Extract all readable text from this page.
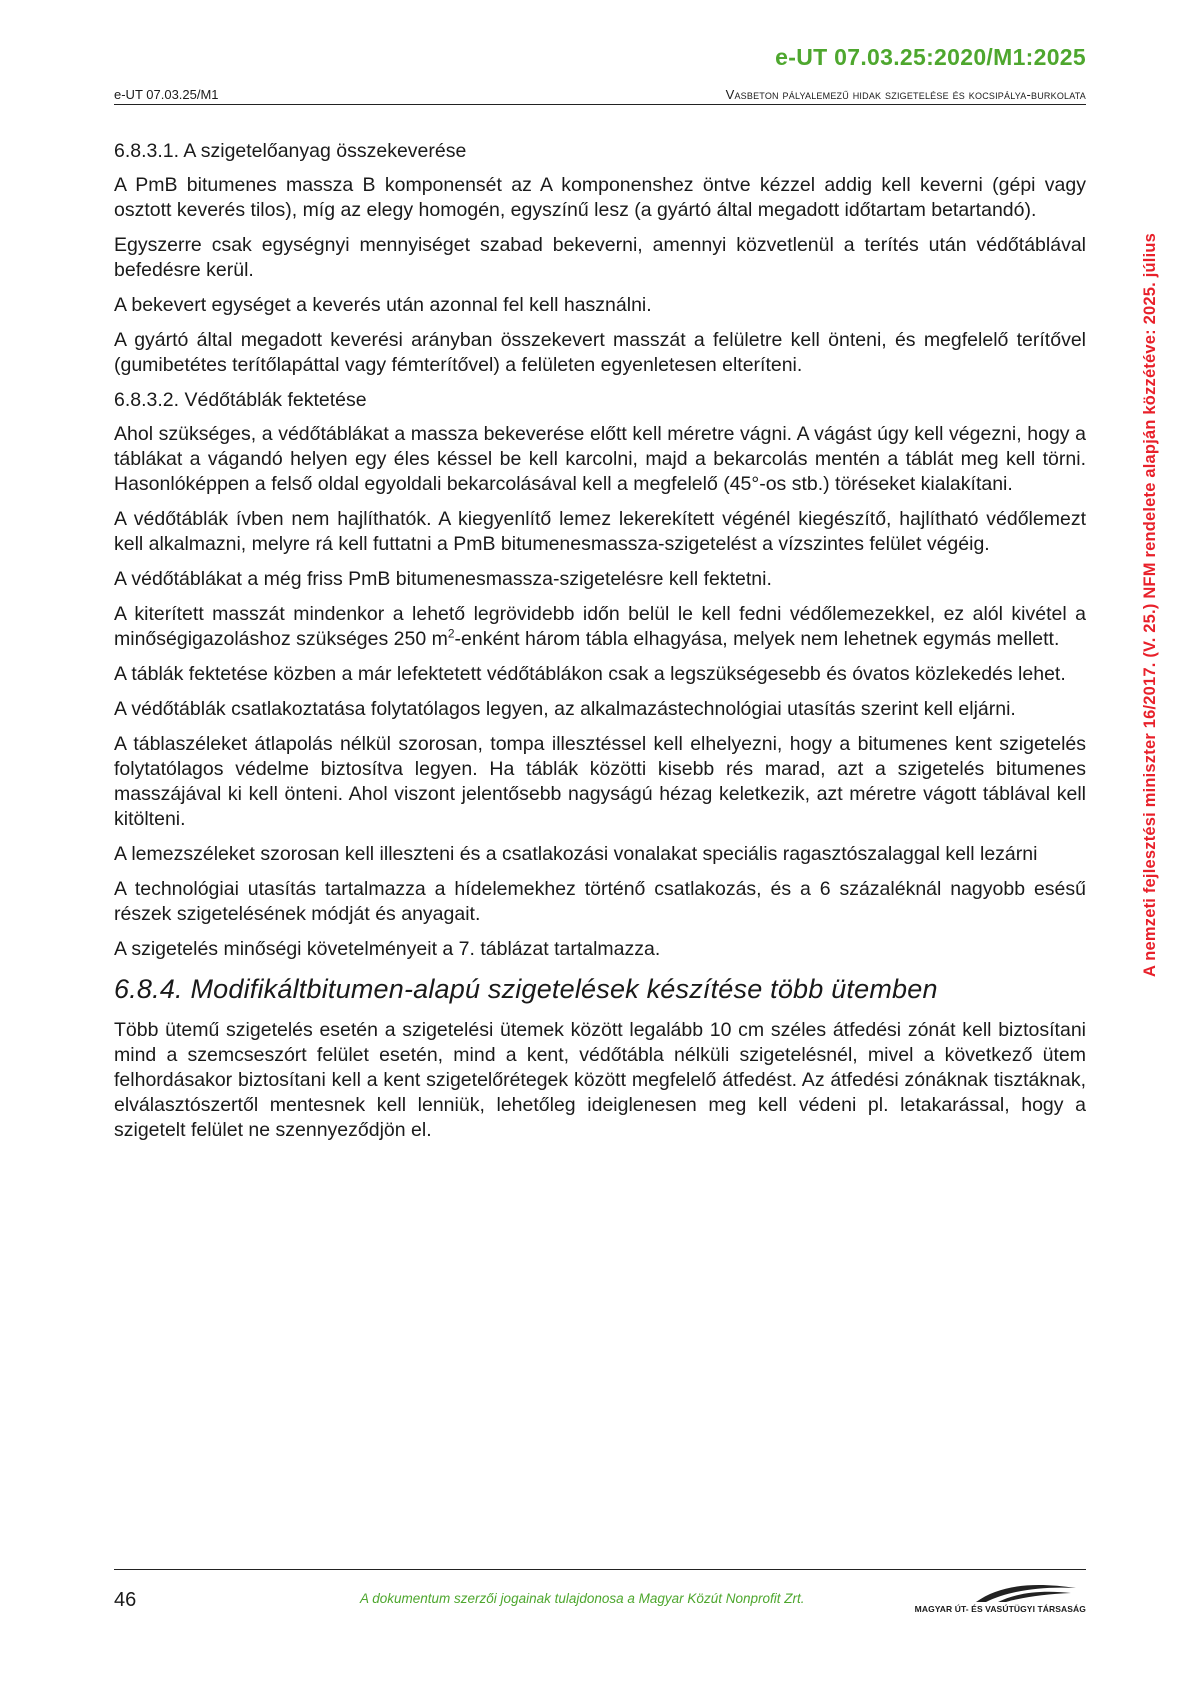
e-UT 07.03.25:2020/M1:2025
e-UT 07.03.25/M1	Vasbeton pályalemezű hidak szigetelése és kocsipálya-burkolata
A nemzeti fejlesztési miniszter 16/2017. (V. 25.) NFM rendelete alapján közzétéve: 2025. július

6.8.3.1. A szigetelőanyag összekeverése

A PmB bitumenes massza B komponensét az A komponenshez öntve kézzel addig kell keverni (gépi vagy osztott keverés tilos), míg az elegy homogén, egyszínű lesz (a gyártó által megadott időtartam betartandó).

Egyszerre csak egységnyi mennyiséget szabad bekeverni, amennyi közvetlenül a terítés után védőtáblával befedésre kerül.

A bekevert egységet a keverés után azonnal fel kell használni.

A gyártó által megadott keverési arányban összekevert masszát a felületre kell önteni, és megfelelő terítővel (gumibetétes terítőlapáttal vagy fémterítővel) a felületen egyenletesen elteríteni.

6.8.3.2. Védőtáblák fektetése

Ahol szükséges, a védőtáblákat a massza bekeverése előtt kell méretre vágni. A vágást úgy kell végezni, hogy a táblákat a vágandó helyen egy éles késsel be kell karcolni, majd a bekarcolás mentén a táblát meg kell törni. Hasonlóképpen a felső oldal egyoldali bekarcolásával kell a megfelelő (45°-os stb.) töréseket kialakítani.

A védőtáblák ívben nem hajlíthatók. A kiegyenlítő lemez lekerekített végénél kiegészítő, hajlítható védőlemezt kell alkalmazni, melyre rá kell futtatni a PmB bitumenesmassza-szigetelést a vízszintes felület végéig.

A védőtáblákat a még friss PmB bitumenesmassza-szigetelésre kell fektetni.

A kiterített masszát mindenkor a lehető legrövidebb időn belül le kell fedni védőlemezekkel, ez alól kivétel a minőségigazoláshoz szükséges 250 $m^2$-enként három tábla elhagyása, melyek nem lehetnek egymás mellett.

A táblák fektetése közben a már lefektetett védőtáblákon csak a legszükségesebb és óvatos közlekedés lehet.

A védőtáblák csatlakoztatása folytatólagos legyen, az alkalmazástechnológiai utasítás szerint kell eljárni.

A táblaszéleket átlapolás nélkül szorosan, tompa illesztéssel kell elhelyezni, hogy a bitumenes kent szigetelés folytatólagos védelme biztosítva legyen. Ha táblák közötti kisebb rés marad, azt a szigetelés bitumenes masszájával ki kell önteni. Ahol viszont jelentősebb nagyságú hézag keletkezik, azt méretre vágott táblával kell kitölteni.

A lemezszéleket szorosan kell illeszteni és a csatlakozási vonalakat speciális ragasztószalaggal kell lezárni

A technológiai utasítás tartalmazza a hídelemekhez történő csatlakozás, és a 6 százaléknál nagyobb esésű részek szigetelésének módját és anyagait.

A szigetelés minőségi követelményeit a 7. táblázat tartalmazza.

6.8.4. Modifikáltbitumen-alapú szigetelések készítése több ütemben

Több ütemű szigetelés esetén a szigetelési ütemek között legalább 10 cm széles átfedési zónát kell biztosítani mind a szemcseszórt felület esetén, mind a kent, védőtábla nélküli szigetelésnél, mivel a következő ütem felhordásakor biztosítani kell a kent szigetelőrétegek között megfelelő átfedést. Az átfedési zónáknak tisztáknak, elválasztószertől mentesnek kell lenniük, lehetőleg ideiglenesen meg kell védeni pl. letakarással, hogy a szigetelt felület ne szennyeződjön el.

46	A dokumentum szerzői jogainak tulajdonosa a Magyar Közút Nonprofit Zrt.
MAGYAR ÚT- ÉS VASÚTÜGYI TÁRSASÁG
